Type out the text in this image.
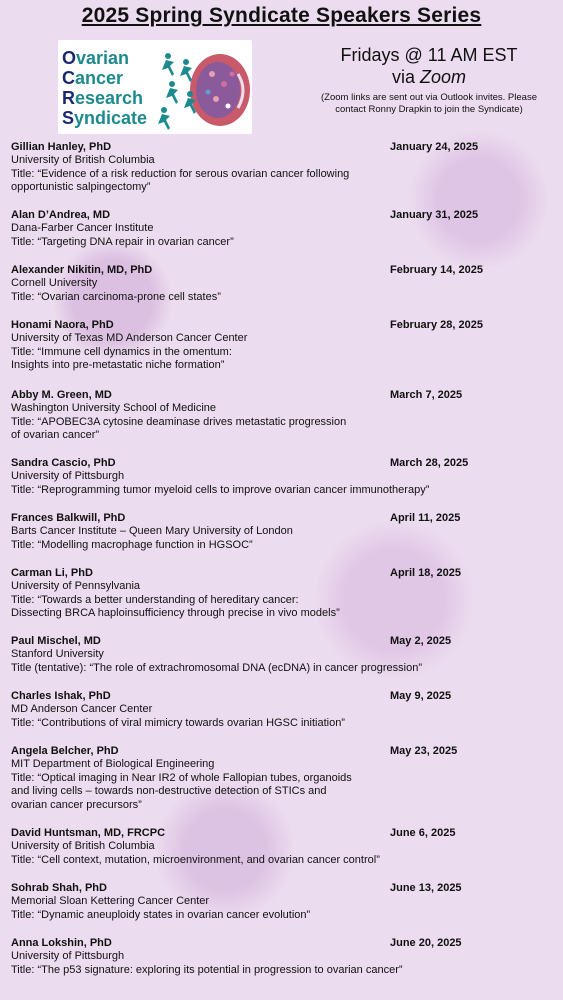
2025 Spring Syndicate Speakers Series
Ovarian
Cancer
Research
Syndicate
Fridays @ 11 AM EST
via Zoom
(Zoom links are sent out via Outlook invites. Please contact Ronny Drapkin to join the Syndicate)
Gillian Hanley, PhD	January 24, 2025
University of British Columbia
Title: “Evidence of a risk reduction for serous ovarian cancer following
opportunistic salpingectomy”
Alan D’Andrea, MD	January 31, 2025
Dana-Farber Cancer Institute
Title: “Targeting DNA repair in ovarian cancer”
Alexander Nikitin, MD, PhD	February 14, 2025
Cornell University
Title: “Ovarian carcinoma-prone cell states”
Honami Naora, PhD	February 28, 2025
University of Texas MD Anderson Cancer Center
Title: “Immune cell dynamics in the omentum:
Insights into pre-metastatic niche formation”
Abby M. Green, MD	March 7, 2025
Washington University School of Medicine
Title: “APOBEC3A cytosine deaminase drives metastatic progression
of ovarian cancer”
Sandra Cascio, PhD	March 28, 2025
University of Pittsburgh
Title: “Reprogramming tumor myeloid cells to improve ovarian cancer immunotherapy”
Frances Balkwill, PhD	April 11, 2025
Barts Cancer Institute – Queen Mary University of London
Title: “Modelling macrophage function in HGSOC”
Carman Li, PhD	April 18, 2025
University of Pennsylvania
Title: “Towards a better understanding of hereditary cancer:
Dissecting BRCA haploinsufficiency through precise in vivo models”
Paul Mischel, MD	May 2, 2025
Stanford University
Title (tentative): “The role of extrachromosomal DNA (ecDNA) in cancer progression”
Charles Ishak, PhD	May 9, 2025
MD Anderson Cancer Center
Title: “Contributions of viral mimicry towards ovarian HGSC initiation”
Angela Belcher, PhD	May 23, 2025
MIT Department of Biological Engineering
Title: “Optical imaging in Near IR2 of whole Fallopian tubes, organoids
and living cells – towards non-destructive detection of STICs and
ovarian cancer precursors”
David Huntsman, MD, FRCPC	June 6, 2025
University of British Columbia
Title: “Cell context, mutation, microenvironment, and ovarian cancer control”
Sohrab Shah, PhD	June 13, 2025
Memorial Sloan Kettering Cancer Center
Title: “Dynamic aneuploidy states in ovarian cancer evolution”
Anna Lokshin, PhD	June 20, 2025
University of Pittsburgh
Title: “The p53 signature: exploring its potential in progression to ovarian cancer”
